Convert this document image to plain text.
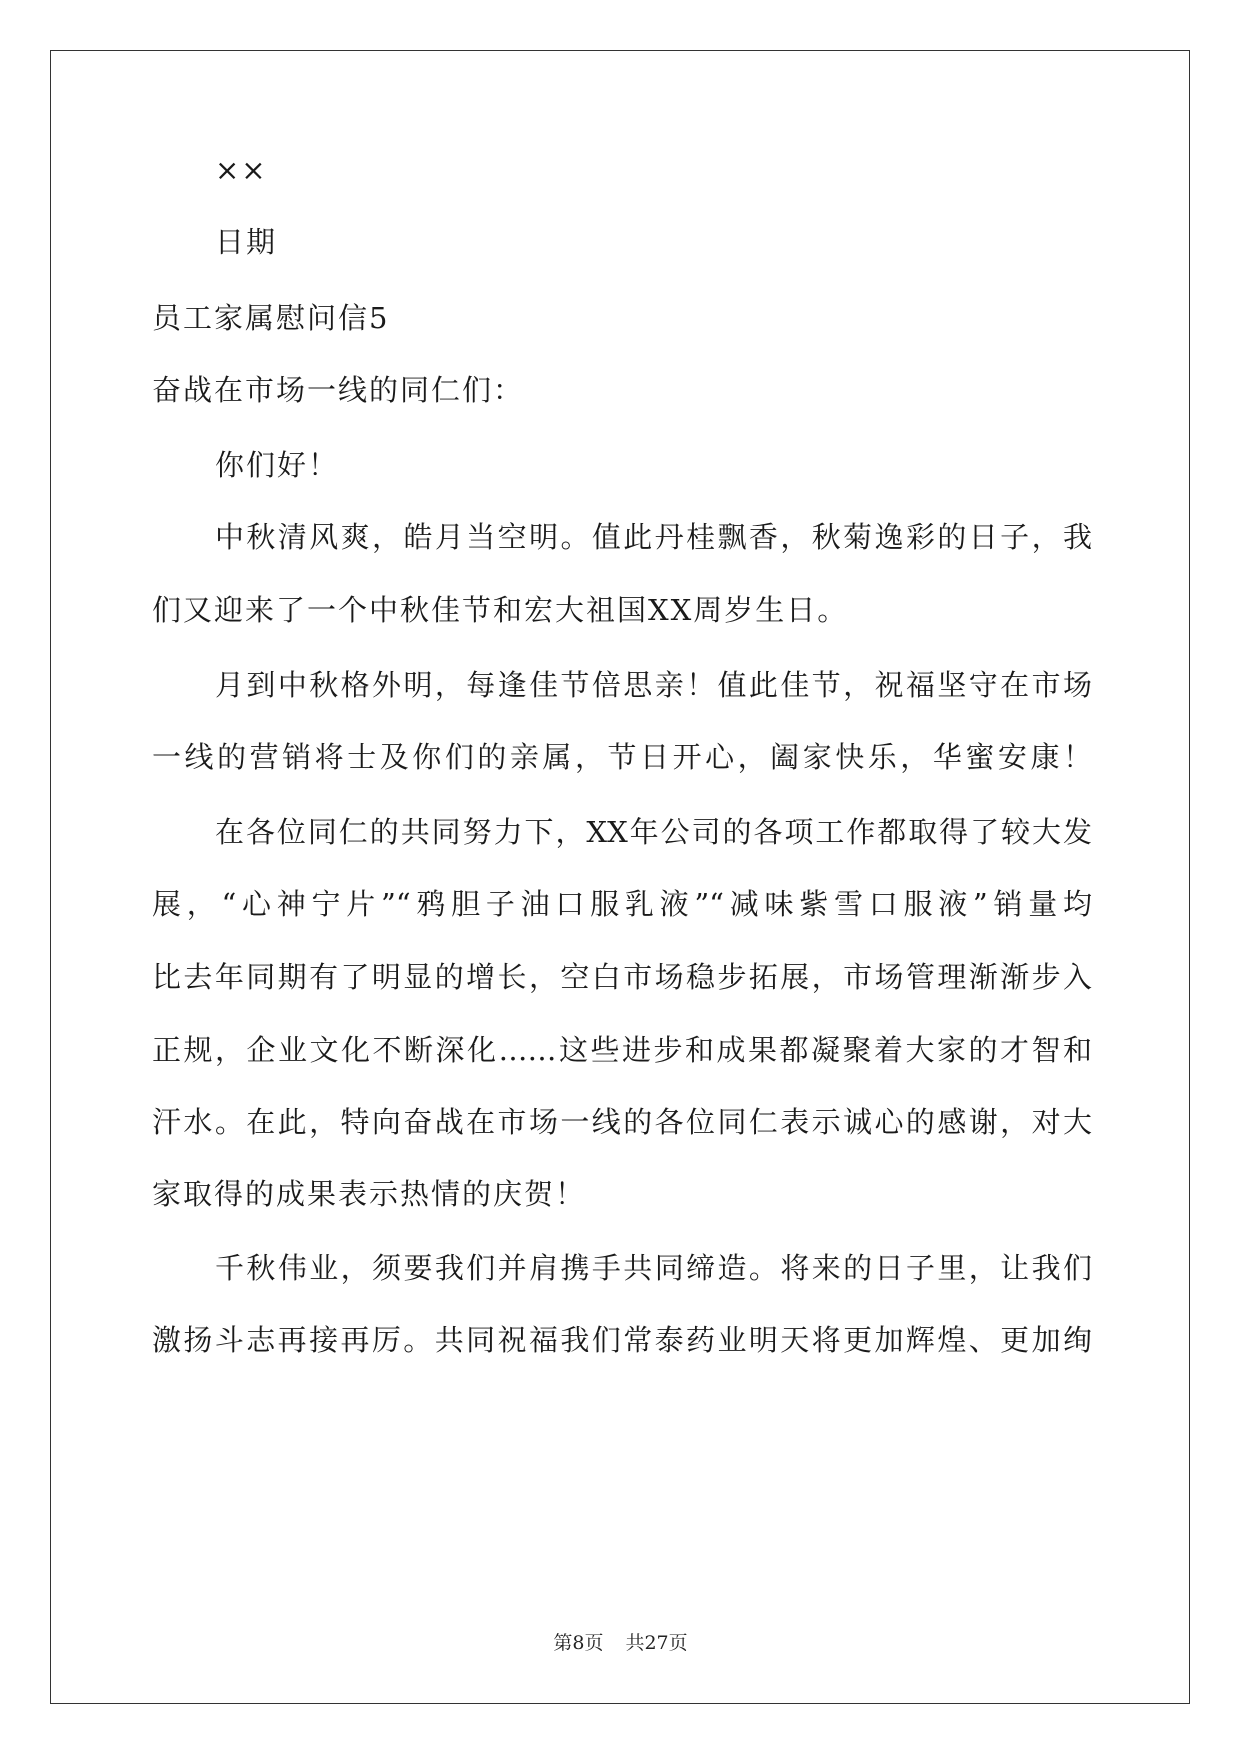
××
日期
员工家属慰问信5
奋战在市场一线的同仁们：
你们好！
中秋清风爽，皓月当空明。值此丹桂飘香，秋菊逸彩的日子，我
们又迎来了一个中秋佳节和宏大祖国XX周岁生日。
月到中秋格外明，每逢佳节倍思亲！值此佳节，祝福坚守在市场
一线的营销将士及你们的亲属，节日开心，阖家快乐，华蜜安康！
在各位同仁的共同努力下，XX年公司的各项工作都取得了较大发
展，“心神宁片”“鸦胆子油口服乳液”“减味紫雪口服液”销量均
比去年同期有了明显的增长，空白市场稳步拓展，市场管理渐渐步入
正规，企业文化不断深化……这些进步和成果都凝聚着大家的才智和
汗水。在此，特向奋战在市场一线的各位同仁表示诚心的感谢，对大
家取得的成果表示热情的庆贺！
千秋伟业，须要我们并肩携手共同缔造。将来的日子里，让我们
激扬斗志再接再厉。共同祝福我们常泰药业明天将更加辉煌、更加绚
第8页 共27页
